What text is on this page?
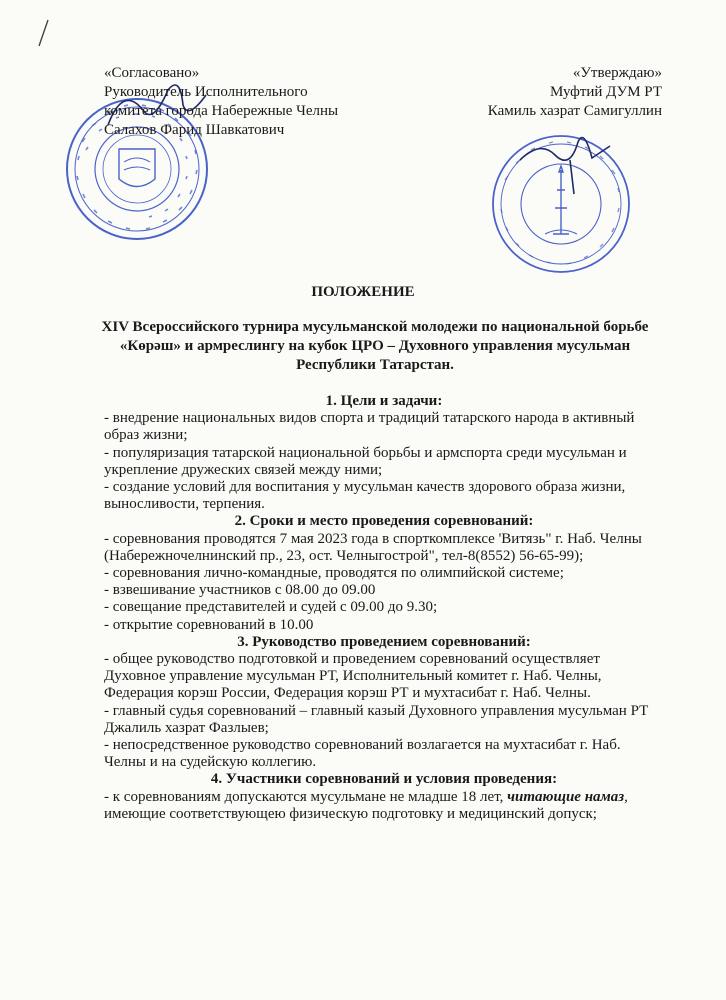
«Согласовано»
Руководитель Исполнительного
комитета города Набережные Челны
Салахов Фарид Шавкатович
«Утверждаю»
Муфтий ДУМ РТ
Камиль хазрат Самигуллин
ПОЛОЖЕНИЕ
XIV Всероссийского турнира мусульманской молодежи по национальной борьбе «Көрәш» и армреслингу на кубок ЦРО – Духовного управления мусульман Республики Татарстан.
1. Цели и задачи:

- внедрение национальных видов спорта и традиций татарского народа в активный образ жизни;

- популяризация татарской национальной борьбы и армспорта среди мусульман и укрепление дружеских связей между ними;

- создание условий для воспитания у мусульман качеств здорового образа жизни, выносливости, терпения.

2. Сроки и место проведения соревнований:

- соревнования проводятся 7 мая 2023 года в спорткомплексе 'Витязь" г. Наб. Челны (Набережночелнинский пр., 23, ост. Челныгострой", тел-8(8552) 56-65-99);

- соревнования лично-командные, проводятся по олимпийской системе;

- взвешивание участников с 08.00 до 09.00

- совещание представителей и судей с 09.00 до 9.30;

- открытие соревнований в 10.00

3. Руководство проведением соревнований:

- общее руководство подготовкой и проведением соревнований осуществляет Духовное управление мусульман РТ, Исполнительный комитет г. Наб. Челны, Федерация корэш России, Федерация корэш РТ и мухтасибат г. Наб. Челны.

- главный судья соревнований – главный казый Духовного управления мусульман РТ Джалиль хазрат Фазлыев;

- непосредственное руководство соревнований возлагается на мухтасибат г. Наб. Челны и на судейскую коллегию.

4. Участники соревнований и условия проведения:

- к соревнованиям допускаются мусульмане не младше 18 лет, читающие намаз, имеющие соответствующею физическую подготовку и медицинский допуск;
